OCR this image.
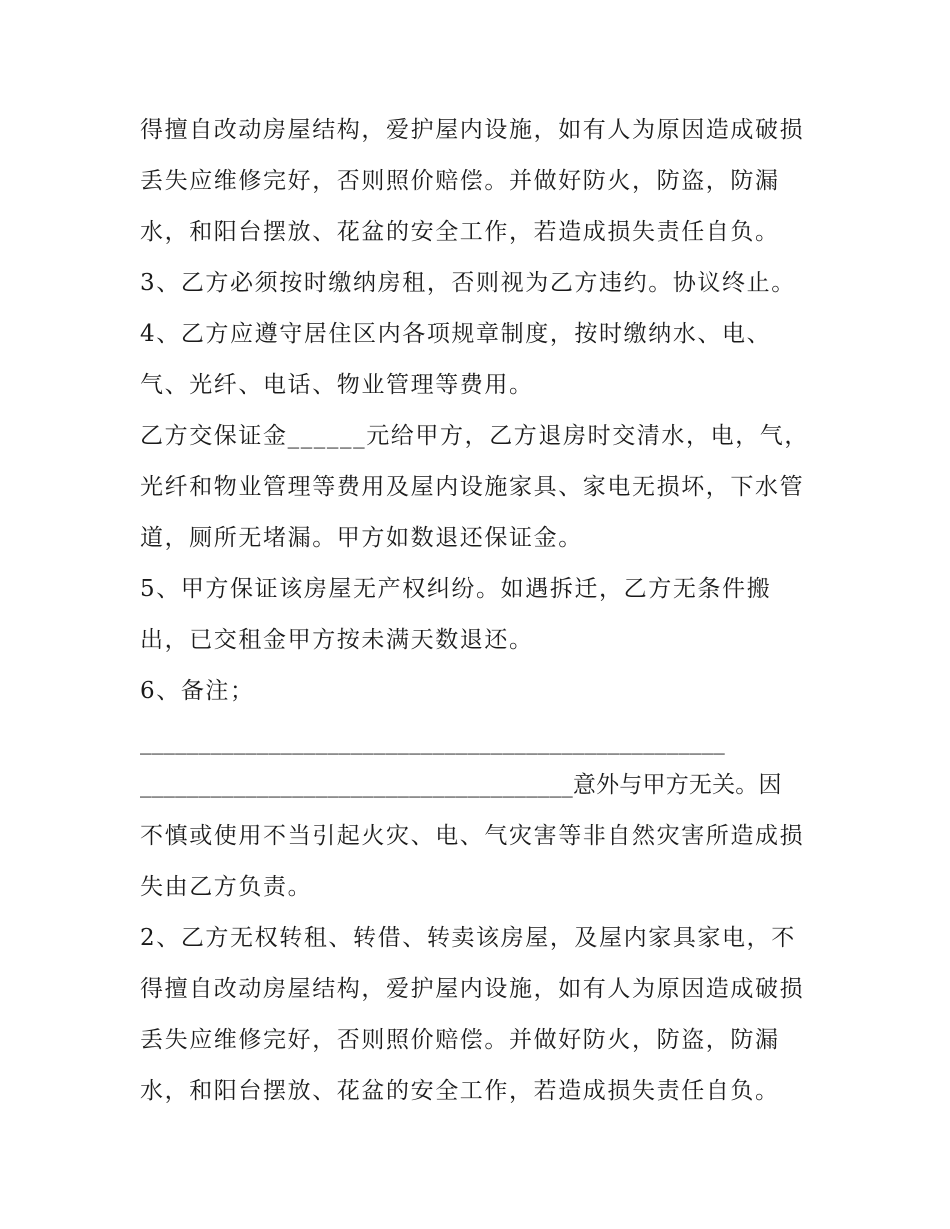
得擅自改动房屋结构，爱护屋内设施，如有人为原因造成破损
丢失应维修完好，否则照价赔偿。并做好防火，防盗，防漏
水，和阳台摆放、花盆的安全工作，若造成损失责任自负。
3、乙方必须按时缴纳房租，否则视为乙方违约。协议终止。
4、乙方应遵守居住区内各项规章制度，按时缴纳水、电、
气、光纤、电话、物业管理等费用。
乙方交保证金______元给甲方，乙方退房时交清水，电，气，
光纤和物业管理等费用及屋内设施家具、家电无损坏，下水管
道，厕所无堵漏。甲方如数退还保证金。
5、甲方保证该房屋无产权纠纷。如遇拆迁，乙方无条件搬
出，已交租金甲方按未满天数退还。
6、备注；
__________________________________________________
_____________________________________意外与甲方无关。因
不慎或使用不当引起火灾、电、气灾害等非自然灾害所造成损
失由乙方负责。
2、乙方无权转租、转借、转卖该房屋，及屋内家具家电，不
得擅自改动房屋结构，爱护屋内设施，如有人为原因造成破损
丢失应维修完好，否则照价赔偿。并做好防火，防盗，防漏
水，和阳台摆放、花盆的安全工作，若造成损失责任自负。
